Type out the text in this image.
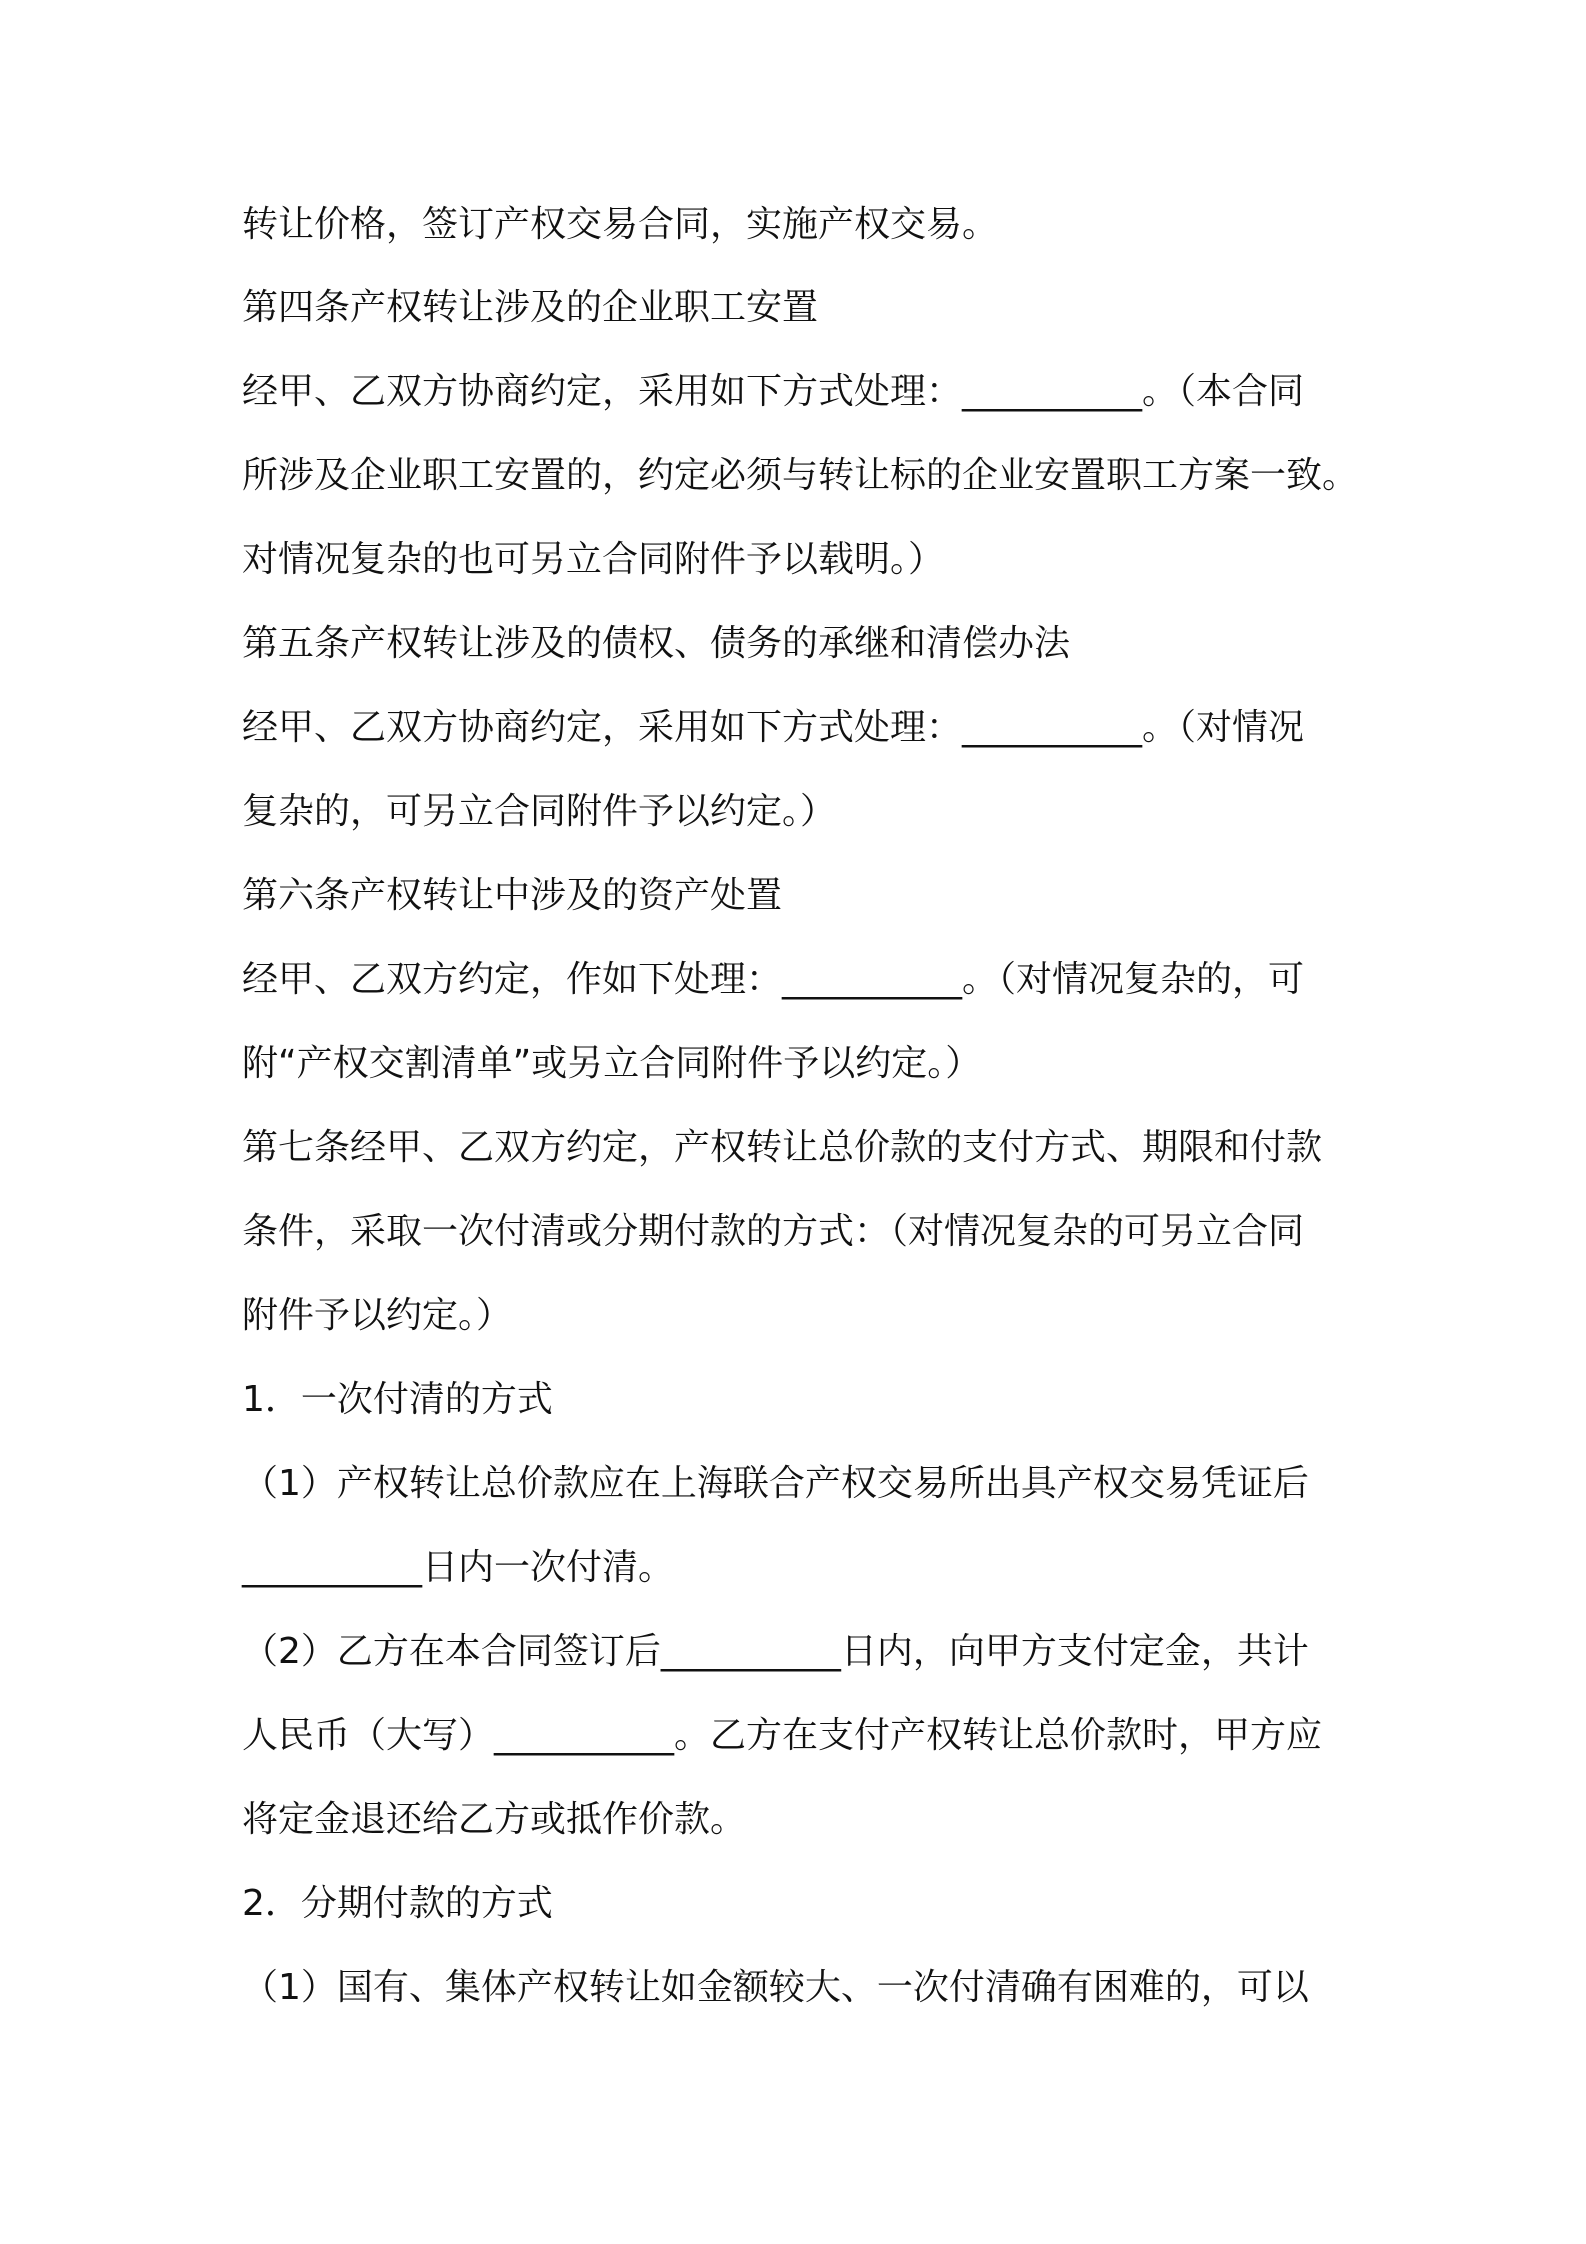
转让价格，签订产权交易合同，实施产权交易。
第四条产权转让涉及的企业职工安置
经甲、乙双方协商约定，采用如下方式处理：__________。（本合同
所涉及企业职工安置的，约定必须与转让标的企业安置职工方案一致。
对情况复杂的也可另立合同附件予以载明。）
第五条产权转让涉及的债权、债务的承继和清偿办法
经甲、乙双方协商约定，采用如下方式处理：__________。（对情况
复杂的，可另立合同附件予以约定。）
第六条产权转让中涉及的资产处置
经甲、乙双方约定，作如下处理：__________。（对情况复杂的，可
附“产权交割清单”或另立合同附件予以约定。）
第七条经甲、乙双方约定，产权转让总价款的支付方式、期限和付款
条件，采取一次付清或分期付款的方式：（对情况复杂的可另立合同
附件予以约定。）
1．一次付清的方式
（1）产权转让总价款应在上海联合产权交易所出具产权交易凭证后
__________日内一次付清。
（2）乙方在本合同签订后__________日内，向甲方支付定金，共计
人民币（大写）__________。乙方在支付产权转让总价款时，甲方应
将定金退还给乙方或抵作价款。
2．分期付款的方式
（1）国有、集体产权转让如金额较大、一次付清确有困难的，可以
